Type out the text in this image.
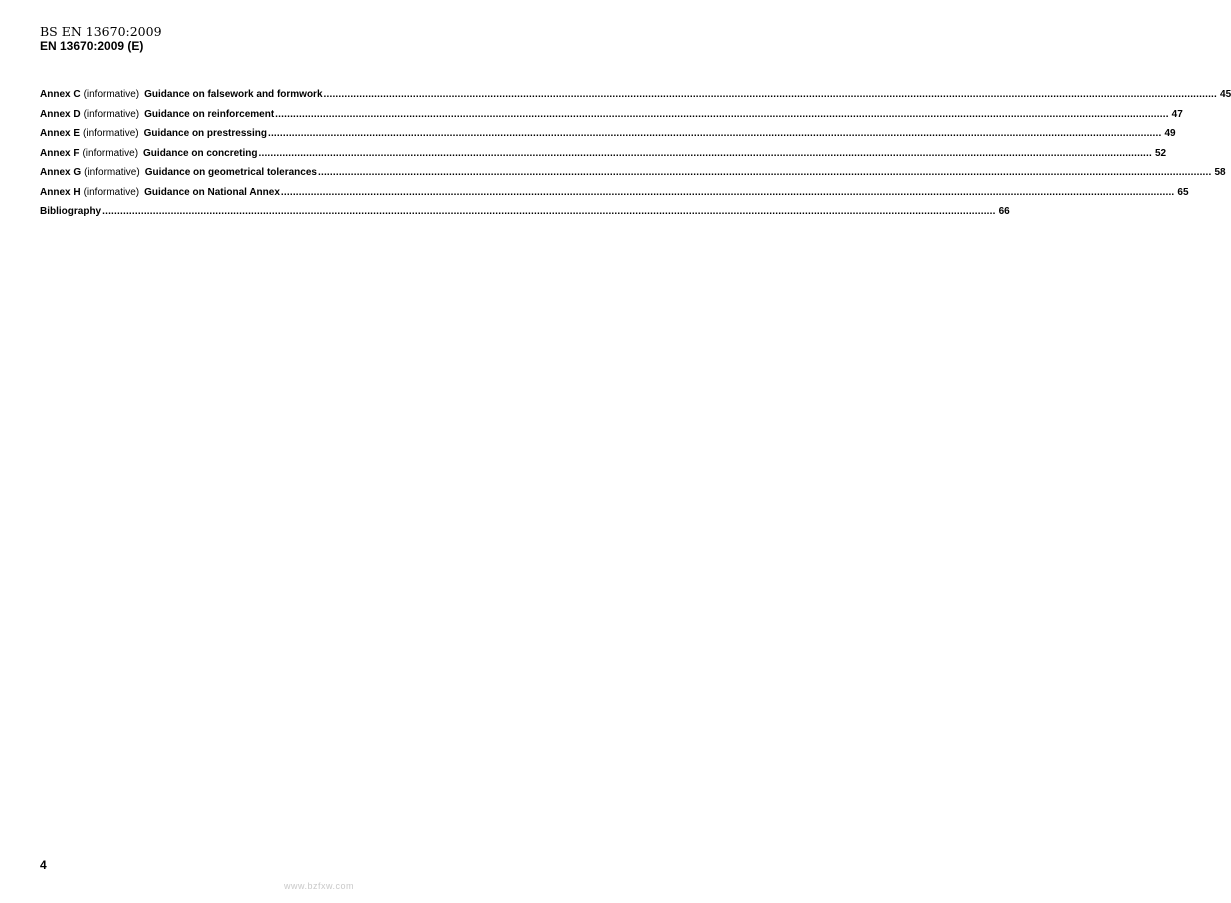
BS EN 13670:2009
EN 13670:2009 (E)
Annex C (informative) Guidance on falsework and formwork ............................................................................................................................................................................................................................................................................................................ 45
Annex D (informative) Guidance on reinforcement ............................................................................................................................................................................................................................................................................................................ 47
Annex E (informative) Guidance on prestressing ............................................................................................................................................................................................................................................................................................................ 49
Annex F (informative) Guidance on concreting ............................................................................................................................................................................................................................................................................................................ 52
Annex G (informative) Guidance on geometrical tolerances ............................................................................................................................................................................................................................................................................................................ 58
Annex H (informative) Guidance on National Annex ............................................................................................................................................................................................................................................................................................................ 65
Bibliography ............................................................................................................................................................................................................................................................................................................ 66
4
www.bzfxw.com
